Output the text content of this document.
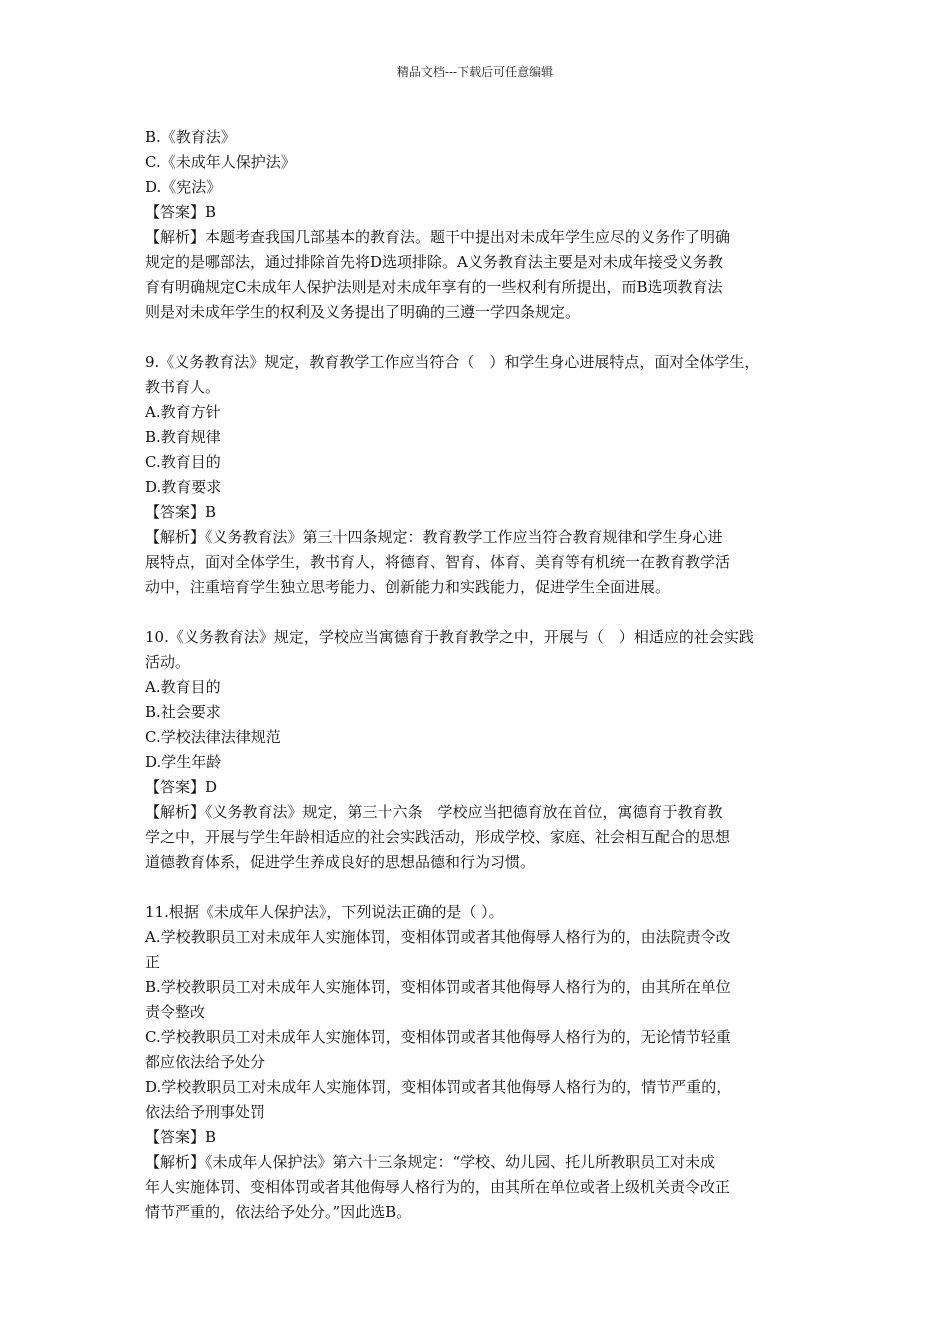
精品文档---下载后可任意编辑
B.《教育法》
C.《未成年人保护法》
D.《宪法》
【答案】B
【解析】本题考查我国几部基本的教育法。题干中提出对未成年学生应尽的义务作了明确
规定的是哪部法，通过排除首先将D选项排除。A义务教育法主要是对未成年接受义务教
育有明确规定C未成年人保护法则是对未成年享有的一些权利有所提出，而B选项教育法
则是对未成年学生的权利及义务提出了明确的三遵一学四条规定。
9.《义务教育法》规定，教育教学工作应当符合（　）和学生身心进展特点，面对全体学生，
教书育人。
A.教育方针
B.教育规律
C.教育目的
D.教育要求
【答案】B
【解析】《义务教育法》第三十四条规定：教育教学工作应当符合教育规律和学生身心进
展特点，面对全体学生，教书育人，将德育、智育、体育、美育等有机统一在教育教学活
动中，注重培育学生独立思考能力、创新能力和实践能力，促进学生全面进展。
10.《义务教育法》规定，学校应当寓德育于教育教学之中，开展与（　）相适应的社会实践
活动。
A.教育目的
B.社会要求
C.学校法律法律规范
D.学生年龄
【答案】D
【解析】《义务教育法》规定，第三十六条　学校应当把德育放在首位，寓德育于教育教
学之中，开展与学生年龄相适应的社会实践活动，形成学校、家庭、社会相互配合的思想
道德教育体系，促进学生养成良好的思想品德和行为习惯。
11.根据《未成年人保护法》，下列说法正确的是（ ）。
A.学校教职员工对未成年人实施体罚，变相体罚或者其他侮辱人格行为的，由法院责令改
正
B.学校教职员工对未成年人实施体罚，变相体罚或者其他侮辱人格行为的，由其所在单位
责令整改
C.学校教职员工对未成年人实施体罚，变相体罚或者其他侮辱人格行为的，无论情节轻重
都应依法给予处分
D.学校教职员工对未成年人实施体罚，变相体罚或者其他侮辱人格行为的，情节严重的，
依法给予刑事处罚
【答案】B
【解析】《未成年人保护法》第六十三条规定：“学校、幼儿园、托儿所教职员工对未成
年人实施体罚、变相体罚或者其他侮辱人格行为的，由其所在单位或者上级机关责令改正
情节严重的，依法给予处分。”因此选B。
